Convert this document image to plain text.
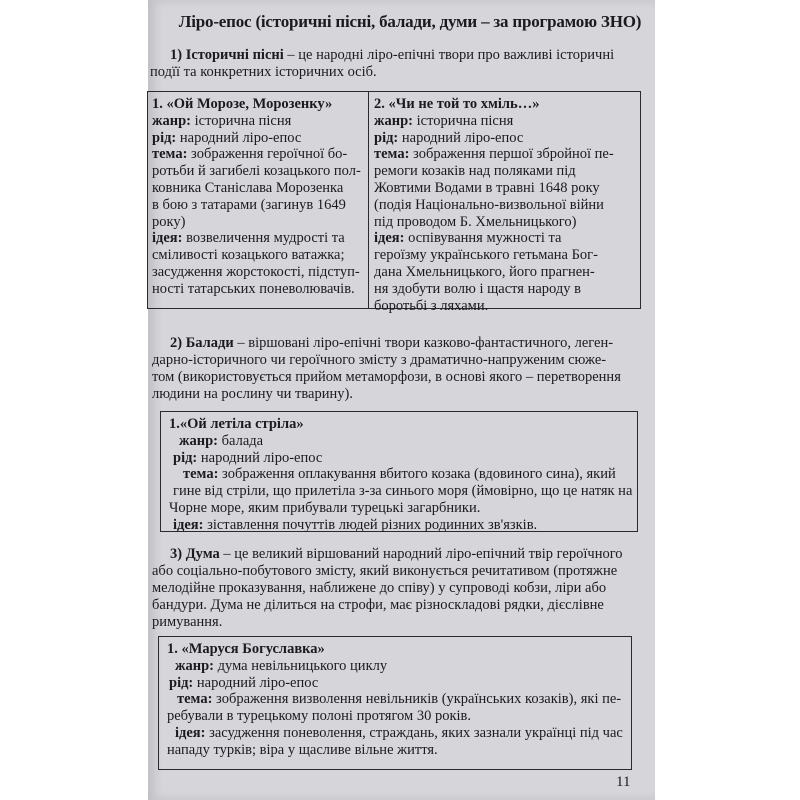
Ліро-епос (історичні пісні, балади, думи – за програмою ЗНО)
1) Історичні пісні – це народні ліро-епічні твори про важливі історичні
подїї та конкретних історичних осіб.
1. «Ой Морозе, Морозенку»
жанр: історична пісня
рід: народний ліро-епос
тема: зображення героїчної бо-
ротьби й загибелі козацького пол-
ковника Станіслава Морозенка
в бою з татарами (загинув 1649
року)
ідея: возвеличення мудрості та
сміливості козацького ватажка;
засудження жорстокості, підступ-
ності татарських поневолювачів.
2. «Чи не той то хміль…»
жанр: історична пісня
рід: народний ліро-епос
тема: зображення першої збройної пе-
ремоги козаків над поляками під
Жовтими Водами в травні 1648 року
(подія Національно-визвольної війни
під проводом Б. Хмельницького)
ідея: оспівування мужності та
героїзму українського гетьмана Бог-
дана Хмельницького, його прагнен-
ня здобути волю і щастя народу в
боротьбі з ляхами.
2) Балади – віршовані ліро-епічні твори казково-фантастичного, леген-
дарно-історичного чи героїчного змісту з драматично-напруженим сюже-
том (використовується прийом метаморфози, в основі якого – перетворення
людини на рослину чи тварину).
1.«Ой летіла стріла»
жанр: балада
рід: народний ліро-епос
тема: зображення оплакування вбитого козака (вдовиного сина), який
гине від стріли, що прилетіла з-за синього моря (ймовірно, що це натяк на
Чорне море, яким прибували турецькі загарбники.
ідея: зіставлення почуттів людей різних родинних зв'язків.
3) Дума – це великий віршований народний ліро-епічний твір героїчного
або соціально-побутового змісту, який виконується речитативом (протяжне
мелодійне проказування, наближене до співу) у супроводі кобзи, ліри або
бандури. Дума не ділиться на строфи, має різноскладові рядки, дієслівне
римування.
1. «Маруся Богуславка»
жанр: дума невільницького циклу
рід: народний ліро-епос
тема: зображення визволення невільників (українських козаків), які пе-
ребували в турецькому полоні протягом 30 років.
ідея: засудження поневолення, страждань, яких зазнали українці під час
нападу турків; віра у щасливе вільне життя.
11
